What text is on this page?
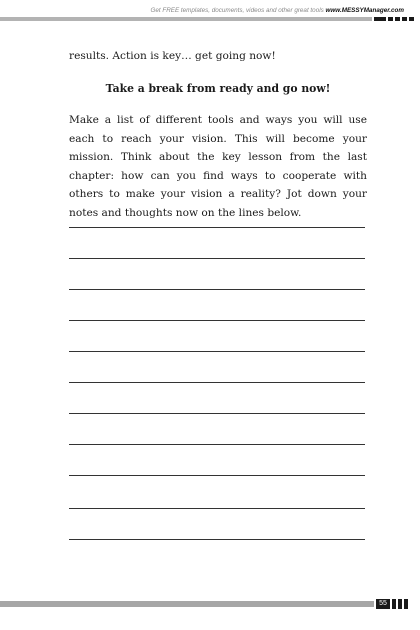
Get FREE templates, documents, videos and other great tools www.MESSYManager.com

results. Action is key… get going now!

Take a break from ready and go now!

Make a list of different tools and ways you will use each to reach your vision. This will become your mission. Think about the key lesson from the last chapter: how can you find ways to cooperate with others to make your vision a reality? Jot down your notes and thoughts now on the lines below.

55
